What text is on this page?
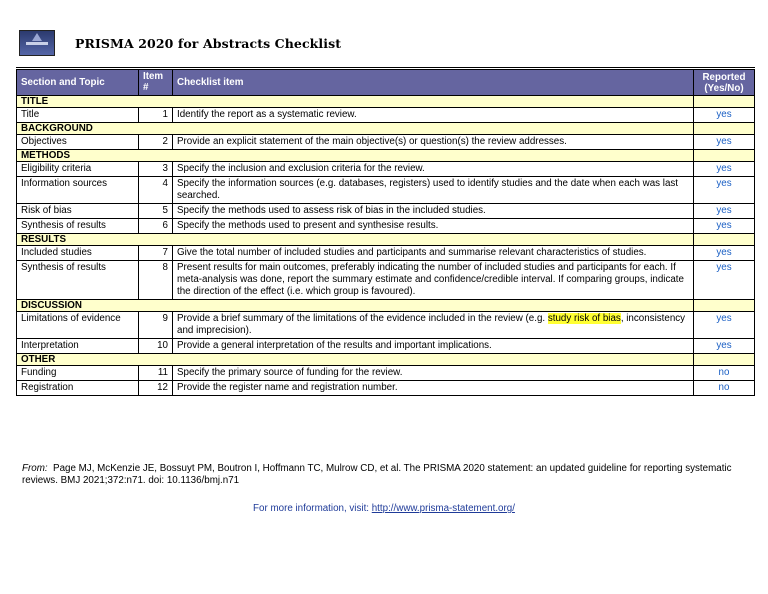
PRISMA 2020 for Abstracts Checklist
Section and Topic	Item #	Checklist item	Reported (Yes/No)
TITLE			
Title	1	Identify the report as a systematic review.	yes
BACKGROUND			
Objectives	2	Provide an explicit statement of the main objective(s) or question(s) the review addresses.	yes
METHODS			
Eligibility criteria	3	Specify the inclusion and exclusion criteria for the review.	yes
Information sources	4	Specify the information sources (e.g. databases, registers) used to identify studies and the date when each was last searched.	yes
Risk of bias	5	Specify the methods used to assess risk of bias in the included studies.	yes
Synthesis of results	6	Specify the methods used to present and synthesise results.	yes
RESULTS			
Included studies	7	Give the total number of included studies and participants and summarise relevant characteristics of studies.	yes
Synthesis of results	8	Present results for main outcomes, preferably indicating the number of included studies and participants for each. If meta-analysis was done, report the summary estimate and confidence/credible interval. If comparing groups, indicate the direction of the effect (i.e. which group is favoured).	yes
DISCUSSION			
Limitations of evidence	9	Provide a brief summary of the limitations of the evidence included in the review (e.g. study risk of bias, inconsistency and imprecision).	yes
Interpretation	10	Provide a general interpretation of the results and important implications.	yes
OTHER			
Funding	11	Specify the primary source of funding for the review.	no
Registration	12	Provide the register name and registration number.	no
From: Page MJ, McKenzie JE, Bossuyt PM, Boutron I, Hoffmann TC, Mulrow CD, et al. The PRISMA 2020 statement: an updated guideline for reporting systematic reviews. BMJ 2021;372:n71. doi: 10.1136/bmj.n71
For more information, visit: http://www.prisma-statement.org/
